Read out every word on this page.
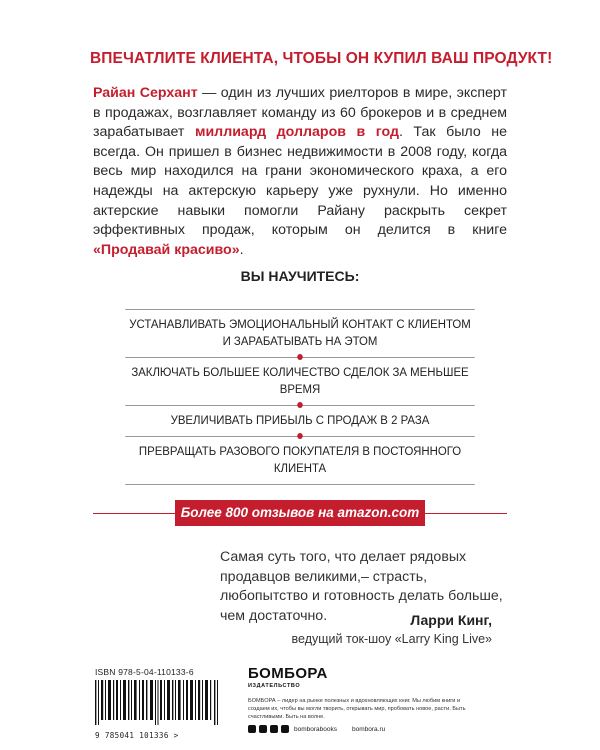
ВПЕЧАТЛИТЕ КЛИЕНТА, ЧТОБЫ ОН КУПИЛ ВАШ ПРОДУКТ!
Райан Серхант — один из лучших риелторов в мире, эксперт в продажах, возглавляет команду из 60 брокеров и в среднем зарабатывает миллиард долларов в год. Так было не всегда. Он пришел в бизнес недвижимости в 2008 году, когда весь мир находился на грани экономического краха, а его надежды на актерскую карьеру уже рухнули. Но именно актерские навыки помогли Райану раскрыть секрет эффективных продаж, которым он делится в книге «Продавай красиво».
ВЫ НАУЧИТЕСЬ:
УСТАНАВЛИВАТЬ ЭМОЦИОНАЛЬНЫЙ КОНТАКТ С КЛИЕНТОМ И ЗАРАБАТЫВАТЬ НА ЭТОМ
ЗАКЛЮЧАТЬ БОЛЬШЕЕ КОЛИЧЕСТВО СДЕЛОК ЗА МЕНЬШЕЕ ВРЕМЯ
УВЕЛИЧИВАТЬ ПРИБЫЛЬ С ПРОДАЖ В 2 РАЗА
ПРЕВРАЩАТЬ РАЗОВОГО ПОКУПАТЕЛЯ В ПОСТОЯННОГО КЛИЕНТА
Более 800 отзывов на amazon.com
Самая суть того, что делает рядовых продавцов великими,– страсть, любопытство и готовность делать больше, чем достаточно.	Ларри Кинг,
ведущий ток-шоу «Larry King Live»
ISBN 978-5-04-110133-6
9 785041 101336 >
БОМБОРА
ИЗДАТЕЛЬСТВО
БОМБОРА – лидер на рынке полезных и вдохновляющих книг. Мы любим книги и создаем их, чтобы вы могли творить, открывать мир, пробовать новое, расти. Быть счастливыми. Быть на волне.
bomborabooks bombora.ru
